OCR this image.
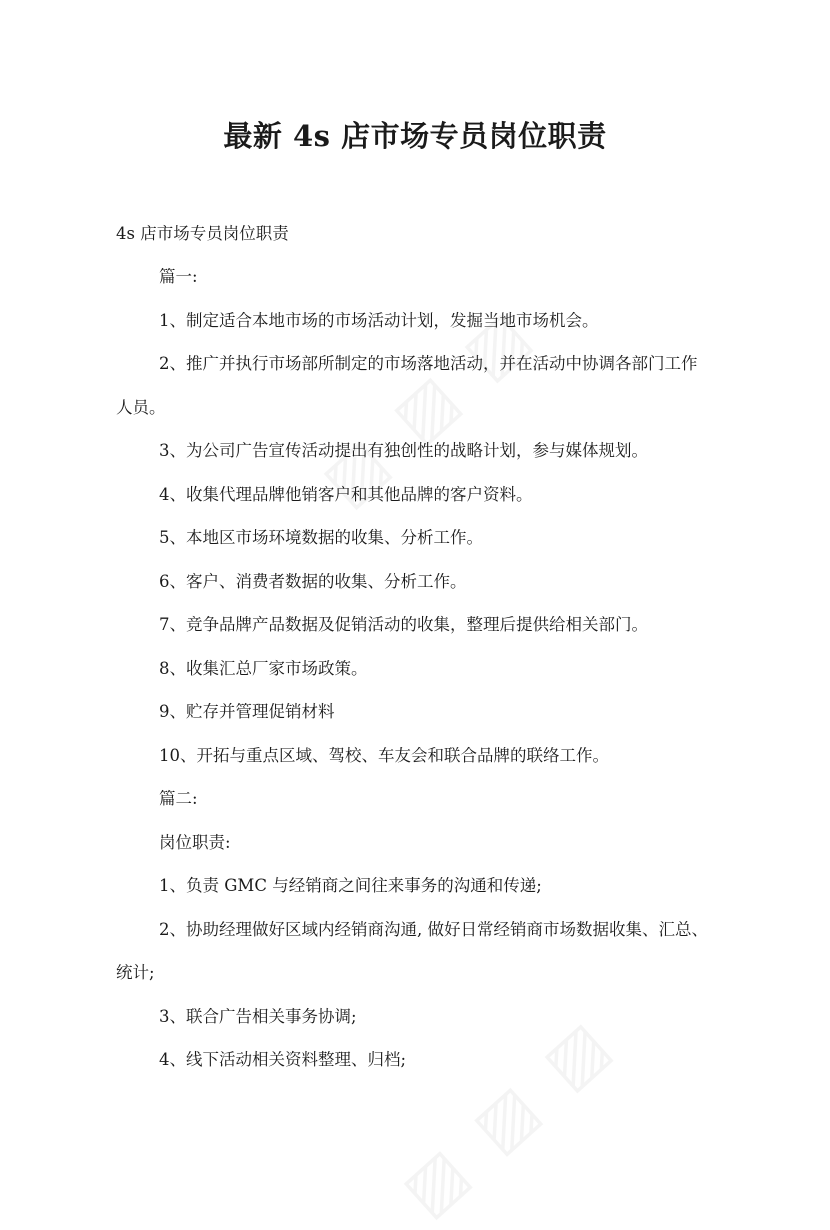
最新 4s 店市场专员岗位职责

4s 店市场专员岗位职责

篇一:

1、制定适合本地市场的市场活动计划，发掘当地市场机会。

2、推广并执行市场部所制定的市场落地活动，并在活动中协调各部门工作

人员。

3、为公司广告宣传活动提出有独创性的战略计划，参与媒体规划。

4、收集代理品牌他销客户和其他品牌的客户资料。

5、本地区市场环境数据的收集、分析工作。

6、客户、消费者数据的收集、分析工作。

7、竞争品牌产品数据及促销活动的收集，整理后提供给相关部门。

8、收集汇总厂家市场政策。

9、贮存并管理促销材料

10、开拓与重点区域、驾校、车友会和联合品牌的联络工作。

篇二:

岗位职责:

1、负责 GMC 与经销商之间往来事务的沟通和传递;

2、协助经理做好区域内经销商沟通, 做好日常经销商市场数据收集、汇总、

统计;

3、联合广告相关事务协调;

4、线下活动相关资料整理、归档;
